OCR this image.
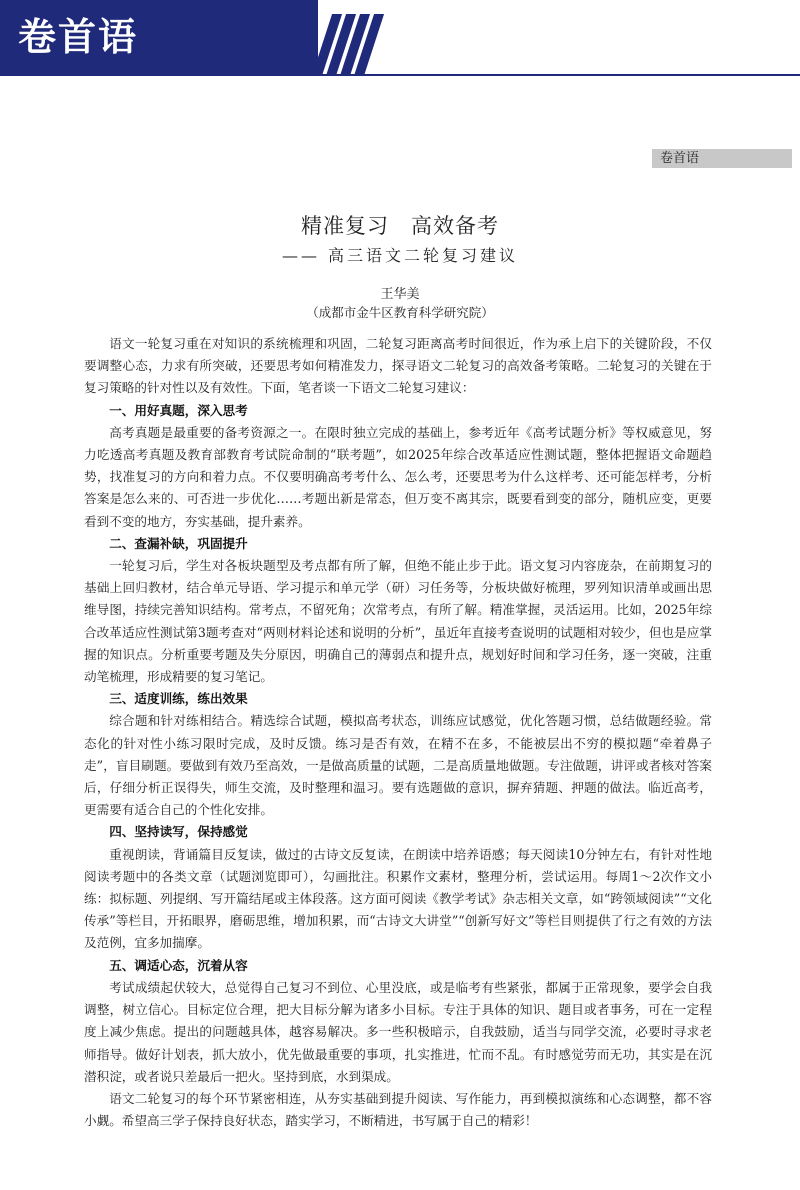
卷首语
卷首语
精准复习　高效备考
—— 高三语文二轮复习建议
王华美
（成都市金牛区教育科学研究院）

语文一轮复习重在对知识的系统梳理和巩固，二轮复习距离高考时间很近，作为承上启下的关键阶段，不仅要调整心态，力求有所突破，还要思考如何精准发力，探寻语文二轮复习的高效备考策略。二轮复习的关键在于复习策略的针对性以及有效性。下面，笔者谈一下语文二轮复习建议：

一、用好真题，深入思考

高考真题是最重要的备考资源之一。在限时独立完成的基础上，参考近年《高考试题分析》等权威意见，努力吃透高考真题及教育部教育考试院命制的“联考题”，如2025年综合改革适应性测试题，整体把握语文命题趋势，找准复习的方向和着力点。不仅要明确高考考什么、怎么考，还要思考为什么这样考、还可能怎样考，分析答案是怎么来的、可否进一步优化……考题出新是常态，但万变不离其宗，既要看到变的部分，随机应变，更要看到不变的地方，夯实基础，提升素养。

二、查漏补缺，巩固提升

一轮复习后，学生对各板块题型及考点都有所了解，但绝不能止步于此。语文复习内容庞杂，在前期复习的基础上回归教材，结合单元导语、学习提示和单元学（研）习任务等，分板块做好梳理，罗列知识清单或画出思维导图，持续完善知识结构。常考点，不留死角；次常考点，有所了解。精准掌握，灵活运用。比如，2025年综合改革适应性测试第3题考查对“两则材料论述和说明的分析”，虽近年直接考查说明的试题相对较少，但也是应掌握的知识点。分析重要考题及失分原因，明确自己的薄弱点和提升点，规划好时间和学习任务，逐一突破，注重动笔梳理，形成精要的复习笔记。

三、适度训练，练出效果

综合题和针对练相结合。精选综合试题，模拟高考状态，训练应试感觉，优化答题习惯，总结做题经验。常态化的针对性小练习限时完成，及时反馈。练习是否有效，在精不在多，不能被层出不穷的模拟题“牵着鼻子走”，盲目刷题。要做到有效乃至高效，一是做高质量的试题，二是高质量地做题。专注做题，讲评或者核对答案后，仔细分析正误得失，师生交流，及时整理和温习。要有选题做的意识，摒弃猜题、押题的做法。临近高考，更需要有适合自己的个性化安排。

四、坚持读写，保持感觉

重视朗读，背诵篇目反复读，做过的古诗文反复读，在朗读中培养语感；每天阅读10分钟左右，有针对性地阅读考题中的各类文章（试题浏览即可），勾画批注。积累作文素材，整理分析，尝试运用。每周1～2次作文小练：拟标题、列提纲、写开篇结尾或主体段落。这方面可阅读《教学考试》杂志相关文章，如“跨领域阅读”“文化传承”等栏目，开拓眼界，磨砺思维，增加积累，而“古诗文大讲堂”“创新写好文”等栏目则提供了行之有效的方法及范例，宜多加揣摩。

五、调适心态，沉着从容

考试成绩起伏较大，总觉得自己复习不到位、心里没底，或是临考有些紧张，都属于正常现象，要学会自我调整，树立信心。目标定位合理，把大目标分解为诸多小目标。专注于具体的知识、题目或者事务，可在一定程度上减少焦虑。提出的问题越具体，越容易解决。多一些积极暗示，自我鼓励，适当与同学交流，必要时寻求老师指导。做好计划表，抓大放小，优先做最重要的事项，扎实推进，忙而不乱。有时感觉劳而无功，其实是在沉潜积淀，或者说只差最后一把火。坚持到底，水到渠成。

语文二轮复习的每个环节紧密相连，从夯实基础到提升阅读、写作能力，再到模拟演练和心态调整，都不容小觑。希望高三学子保持良好状态，踏实学习，不断精进，书写属于自己的精彩！
